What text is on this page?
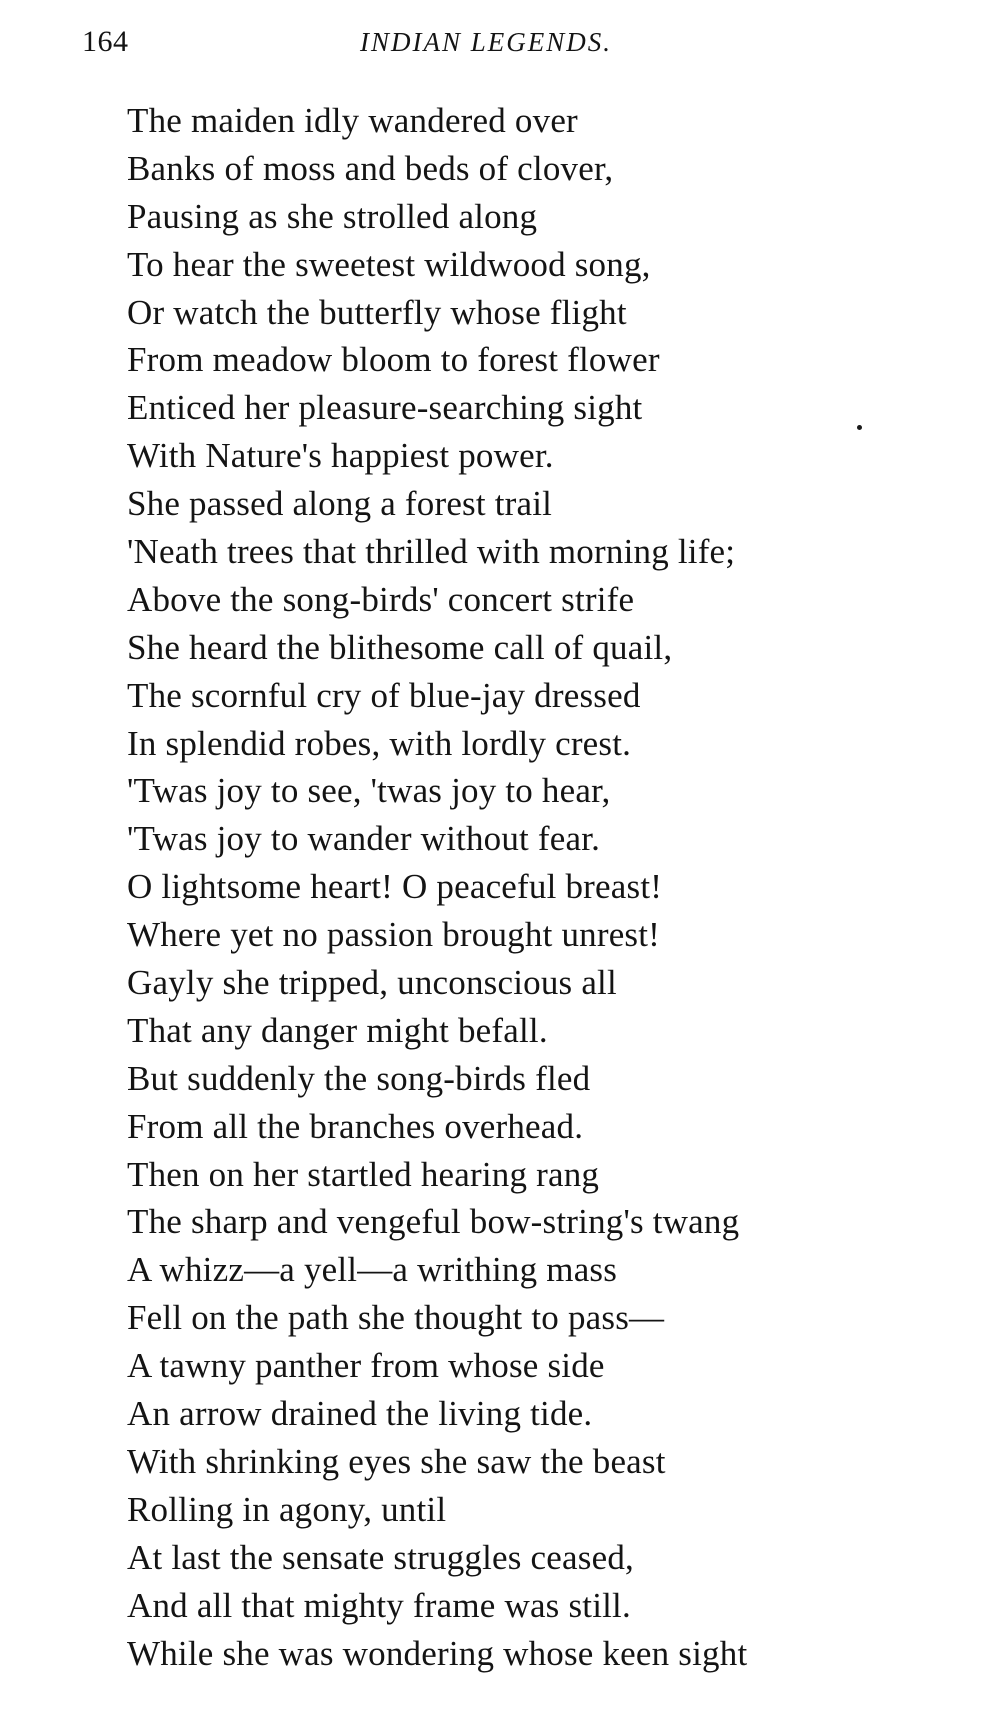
164	INDIAN LEGENDS.
The maiden idly wandered over
Banks of moss and beds of clover,
Pausing as she strolled along
To hear the sweetest wildwood song,
Or watch the butterfly whose flight
From meadow bloom to forest flower
Enticed her pleasure-searching sight
With Nature's happiest power.
She passed along a forest trail
'Neath trees that thrilled with morning life;
Above the song-birds' concert strife
She heard the blithesome call of quail,
The scornful cry of blue-jay dressed
In splendid robes, with lordly crest.
'Twas joy to see, 'twas joy to hear,
'Twas joy to wander without fear.
O lightsome heart! O peaceful breast!
Where yet no passion brought unrest!
Gayly she tripped, unconscious all
That any danger might befall.
But suddenly the song-birds fled
From all the branches overhead.
Then on her startled hearing rang
The sharp and vengeful bow-string's twang
A whizz—a yell—a writhing mass
Fell on the path she thought to pass—
A tawny panther from whose side
An arrow drained the living tide.
With shrinking eyes she saw the beast
Rolling in agony, until
At last the sensate struggles ceased,
And all that mighty frame was still.
While she was wondering whose keen sight
